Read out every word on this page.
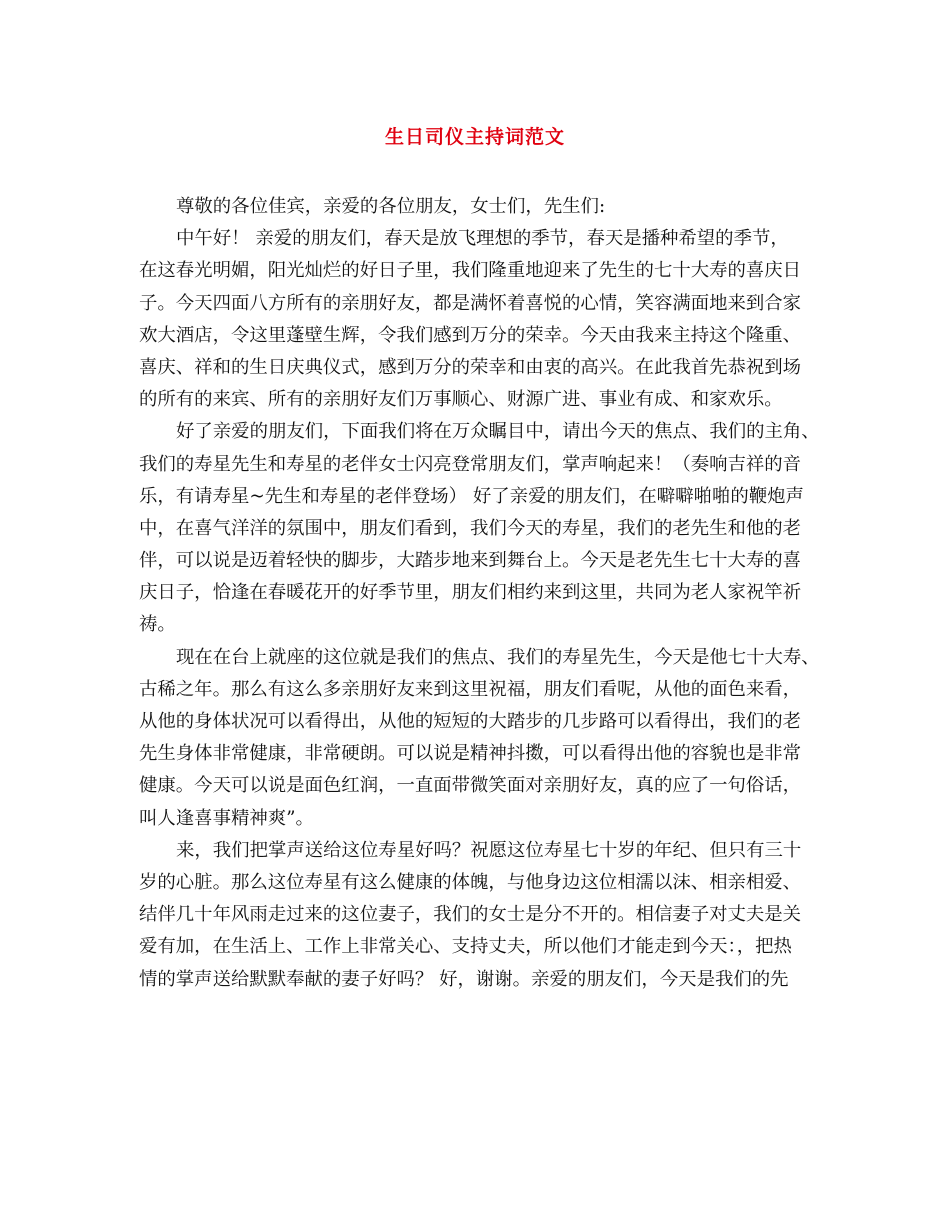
生日司仪主持词范文
尊敬的各位佳宾，亲爱的各位朋友，女士们，先生们:
中午好！ 亲爱的朋友们，春天是放飞理想的季节，春天是播种希望的季节，
在这春光明媚，阳光灿烂的好日子里，我们隆重地迎来了先生的七十大寿的喜庆日
子。今天四面八方所有的亲朋好友，都是满怀着喜悦的心情，笑容满面地来到合家
欢大酒店，令这里蓬壁生辉，令我们感到万分的荣幸。今天由我来主持这个隆重、
喜庆、祥和的生日庆典仪式，感到万分的荣幸和由衷的高兴。在此我首先恭祝到场
的所有的来宾、所有的亲朋好友们万事顺心、财源广进、事业有成、和家欢乐。
好了亲爱的朋友们，下面我们将在万众瞩目中，请出今天的焦点、我们的主角、
我们的寿星先生和寿星的老伴女士闪亮登常朋友们，掌声响起来！（奏响吉祥的音
乐，有请寿星~先生和寿星的老伴登场） 好了亲爱的朋友们，在噼噼啪啪的鞭炮声
中，在喜气洋洋的氛围中，朋友们看到，我们今天的寿星，我们的老先生和他的老
伴，可以说是迈着轻快的脚步，大踏步地来到舞台上。今天是老先生七十大寿的喜
庆日子，恰逢在春暖花开的好季节里，朋友们相约来到这里，共同为老人家祝竿祈
祷。
现在在台上就座的这位就是我们的焦点、我们的寿星先生，今天是他七十大寿、
古稀之年。那么有这么多亲朋好友来到这里祝福，朋友们看呢，从他的面色来看，
从他的身体状况可以看得出，从他的短短的大踏步的几步路可以看得出，我们的老
先生身体非常健康，非常硬朗。可以说是精神抖擞，可以看得出他的容貌也是非常
健康。今天可以说是面色红润，一直面带微笑面对亲朋好友，真的应了一句俗话，
叫人逢喜事精神爽”。
来，我们把掌声送给这位寿星好吗？祝愿这位寿星七十岁的年纪、但只有三十
岁的心脏。那么这位寿星有这么健康的体魄，与他身边这位相濡以沫、相亲相爱、
结伴几十年风雨走过来的这位妻子，我们的女士是分不开的。相信妻子对丈夫是关
爱有加，在生活上、工作上非常关心、支持丈夫，所以他们才能走到今天：，把热
情的掌声送给默默奉献的妻子好吗？ 好，谢谢。亲爱的朋友们，今天是我们的先
